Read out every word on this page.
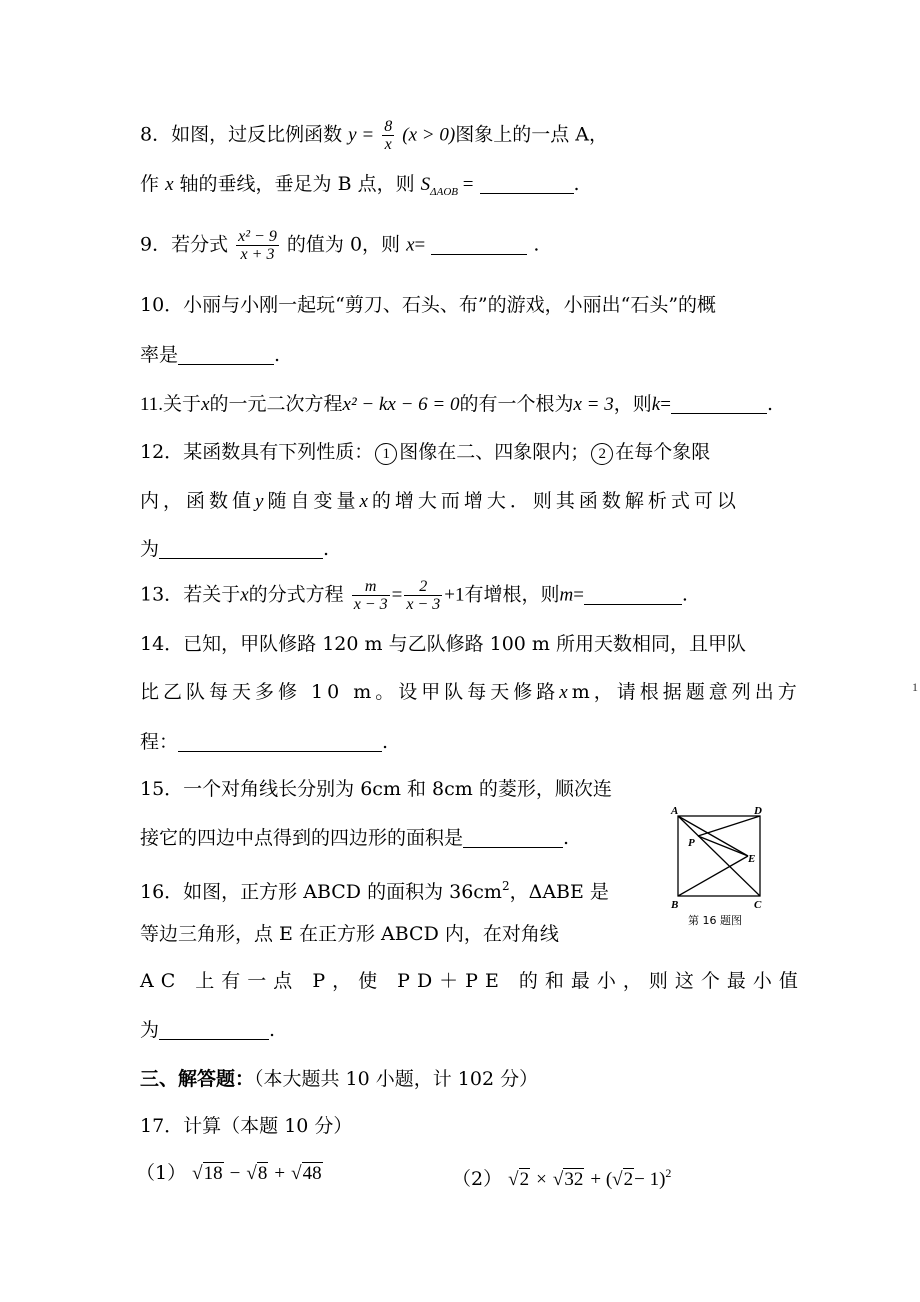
8．如图，过反比例函数 $y = \frac{8}{x} (x > 0)$图象上的一点 A，
作 x 轴的垂线，垂足为 B 点，则 $S_{\Delta AOB}$ =	.
9．若分式 $\frac{\text{x² − 9}}{x + 3}$ 的值为 0，则 x=	.
10．小丽与小刚一起玩“剪刀、石头、布”的游戏，小丽出“石头”的概
率是	.
11.关于x的一元二次方程x² − kx − 6 = 0的有一个根为x = 3，则k=	.
12．某函数具有下列性质： 1 图像在二、四象限内； 2 在每个象限
内，函数值y随自变量x的增大而增大．则其函数解析式可以
为	.
13．若关于x的分式方程 $\frac{m}{x - 3} = \frac{2}{x - 3} +1$有增根，则m=	.
14．已知，甲队修路 120 m 与乙队修路 100 m 所用天数相同，且甲队
比乙队每天多修 10 m。设甲队每天修路xm，请根据题意列出方
程：	.
15．一个对角线长分别为 6cm 和 8cm 的菱形，顺次连
接它的四边中点得到的四边形的面积是	.
16．如图，正方形 ABCD 的面积为 $36cm^2$，ΔABE 是
等边三角形，点 E 在正方形 ABCD 内，在对角线
AC 上有一点 P，使 PD＋PE 的和最小，则这个最小值
为	.
A	D
B	C
E
P
第 16 题图
三、解答题：（本大题共 10 小题，计 102 分）
17．计算（本题 10 分）
（1） √18 − √8 + √48	（2） $√2 \times √32 + (√2- 1)^2$
1
